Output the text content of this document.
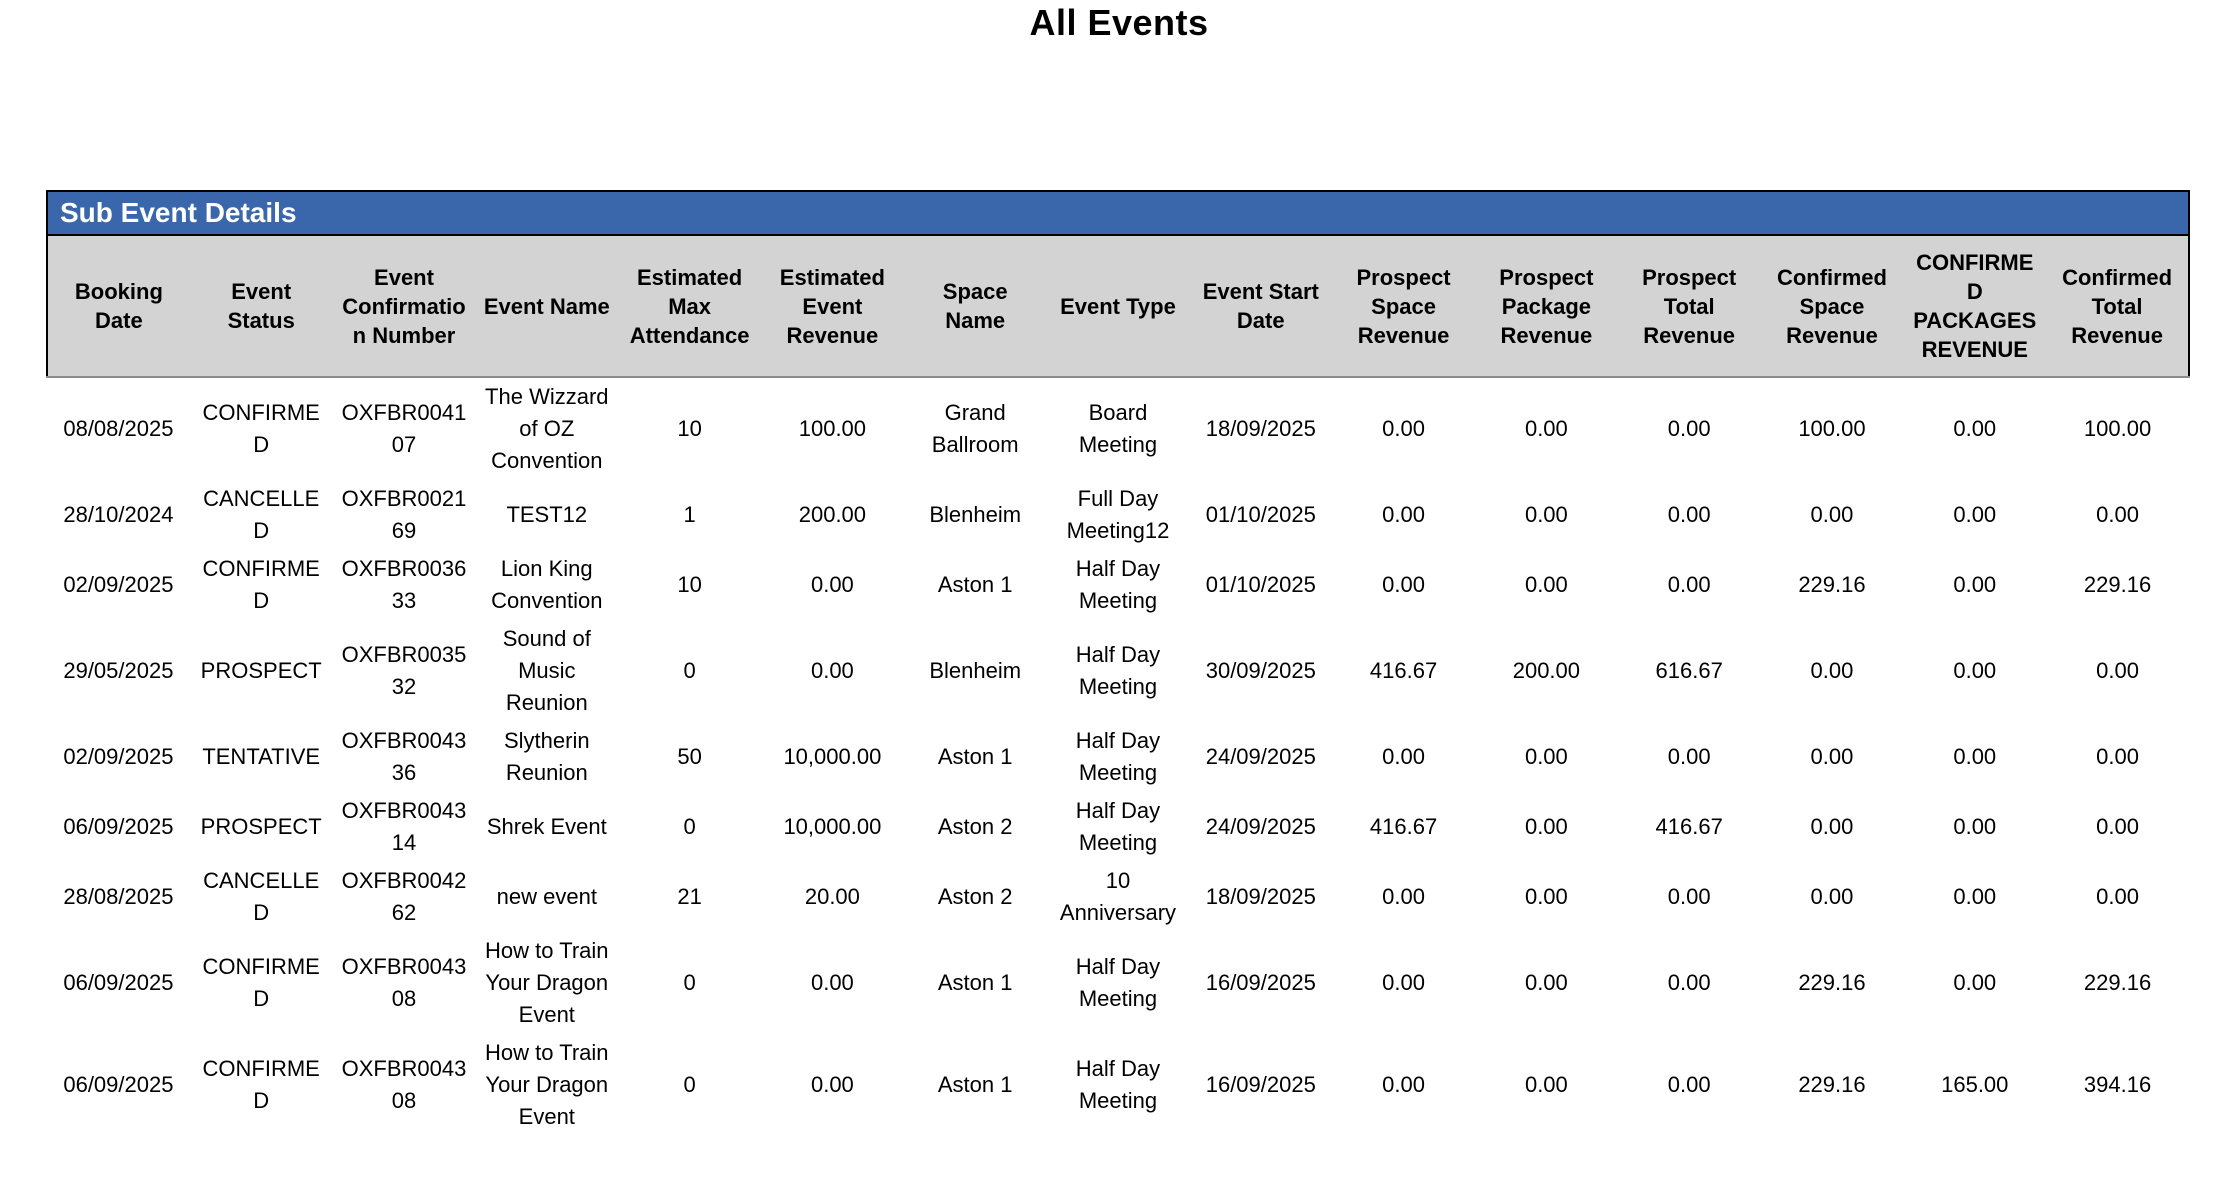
All Events
Sub Event Details
Booking Date	Event Status	Event Confirmation Number	Event Name	Estimated Max Attendance	Estimated Event Revenue	Space Name	Event Type	Event Start Date	Prospect Space Revenue	Prospect Package Revenue	Prospect Total Revenue	Confirmed Space Revenue	CONFIRMED PACKAGES REVENUE	Confirmed Total Revenue
08/08/2025	CONFIRMED	OXFBR004107	The Wizzard of OZ Convention	10	100.00	Grand Ballroom	Board Meeting	18/09/2025	0.00	0.00	0.00	100.00	0.00	100.00
28/10/2024	CANCELLED	OXFBR002169	TEST12	1	200.00	Blenheim	Full Day Meeting12	01/10/2025	0.00	0.00	0.00	0.00	0.00	0.00
02/09/2025	CONFIRMED	OXFBR003633	Lion King Convention	10	0.00	Aston 1	Half Day Meeting	01/10/2025	0.00	0.00	0.00	229.16	0.00	229.16
29/05/2025	PROSPECT	OXFBR003532	Sound of Music Reunion	0	0.00	Blenheim	Half Day Meeting	30/09/2025	416.67	200.00	616.67	0.00	0.00	0.00
02/09/2025	TENTATIVE	OXFBR004336	Slytherin Reunion	50	10,000.00	Aston 1	Half Day Meeting	24/09/2025	0.00	0.00	0.00	0.00	0.00	0.00
06/09/2025	PROSPECT	OXFBR004314	Shrek Event	0	10,000.00	Aston 2	Half Day Meeting	24/09/2025	416.67	0.00	416.67	0.00	0.00	0.00
28/08/2025	CANCELLED	OXFBR004262	new event	21	20.00	Aston 2	10 Anniversary	18/09/2025	0.00	0.00	0.00	0.00	0.00	0.00
06/09/2025	CONFIRMED	OXFBR004308	How to Train Your Dragon Event	0	0.00	Aston 1	Half Day Meeting	16/09/2025	0.00	0.00	0.00	229.16	0.00	229.16
06/09/2025	CONFIRMED	OXFBR004308	How to Train Your Dragon Event	0	0.00	Aston 1	Half Day Meeting	16/09/2025	0.00	0.00	0.00	229.16	165.00	394.16
